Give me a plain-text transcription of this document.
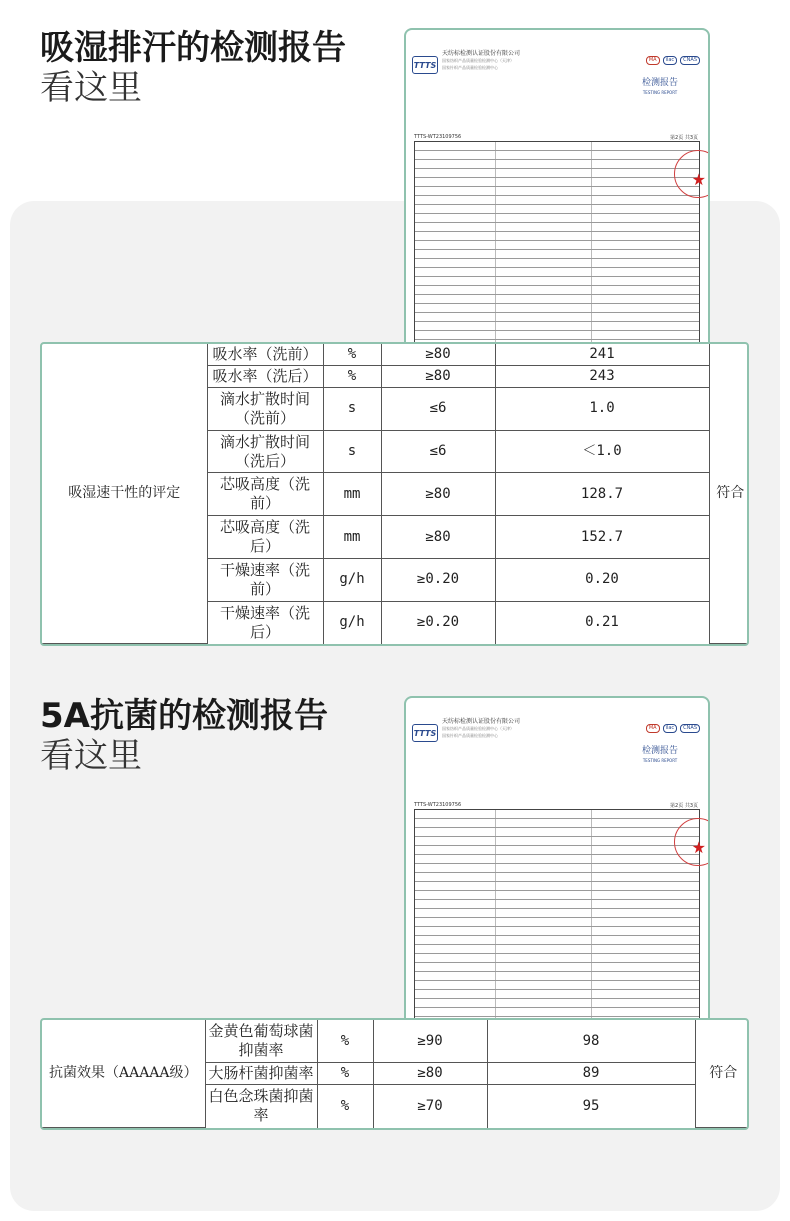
吸湿排汗的检测报告
看这里
TTTS
天纺标检测认证股份有限公司
国家纺织产品质量检验检测中心（天津）
国家针织产品质量检验检测中心
MA	ilac	CNAS
检测报告
TESTING REPORT
TTTS-WT23109756	第2页 共3页
★
吸湿速干性的评定	吸水率（洗前）	%	≥80	241	符合
	吸水率（洗后）	%	≥80	243	
	滴水扩散时间（洗前）	s	≤6	1.0	
	滴水扩散时间（洗后）	s	≤6	＜1.0	
	芯吸高度（洗前）	mm	≥80	128.7	
	芯吸高度（洗后）	mm	≥80	152.7	
	干燥速率（洗前）	g/h	≥0.20	0.20	
	干燥速率（洗后）	g/h	≥0.20	0.21	
5A抗菌的检测报告
看这里
TTTS
天纺标检测认证股份有限公司
国家纺织产品质量检验检测中心（天津）
国家针织产品质量检验检测中心
MA	ilac	CNAS
检测报告
TESTING REPORT
TTTS-WT23109756	第2页 共3页
★
抗菌效果（AAAAA级）	金黄色葡萄球菌抑菌率	%	≥90	98	符合
	大肠杆菌抑菌率	%	≥80	89	
	白色念珠菌抑菌率	%	≥70	95	
